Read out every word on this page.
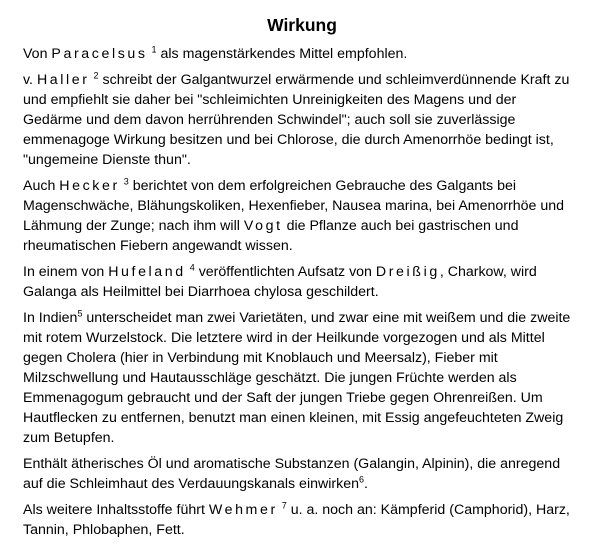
Wirkung

Von Paracelsus $^1$ als magenstärkendes Mittel empfohlen.

v. Haller $^2$ schreibt der Galgantwurzel erwärmende und schleimverdünnende Kraft zu und empfiehlt sie daher bei "schleimichten Unreinigkeiten des Magens und der Gedärme und dem davon herrührenden Schwindel"; auch soll sie zuverlässige emmenagoge Wirkung besitzen und bei Chlorose, die durch Amenorrhöe bedingt ist, "ungemeine Dienste thun".

Auch Hecker $^3$ berichtet von dem erfolgreichen Gebrauche des Galgants bei Magenschwäche, Blähungskoliken, Hexenfieber, Nausea marina, bei Amenorrhöe und Lähmung der Zunge; nach ihm will Vogt die Pflanze auch bei gastrischen und rheumatischen Fiebern angewandt wissen.

In einem von Hufeland $^4$ veröffentlichten Aufsatz von Dreißig, Charkow, wird Galanga als Heilmittel bei Diarrhoea chylosa geschildert.

In Indien$^5$ unterscheidet man zwei Varietäten, und zwar eine mit weißem und die zweite mit rotem Wurzelstock. Die letztere wird in der Heilkunde vorgezogen und als Mittel gegen Cholera (hier in Verbindung mit Knoblauch und Meersalz), Fieber mit Milzschwellung und Hautausschläge geschätzt. Die jungen Früchte werden als Emmenagogum gebraucht und der Saft der jungen Triebe gegen Ohrenreißen. Um Hautflecken zu entfernen, benutzt man einen kleinen, mit Essig angefeuchteten Zweig zum Betupfen.

Enthält ätherisches Öl und aromatische Substanzen (Galangin, Alpinin), die anregend auf die Schleimhaut des Verdauungskanals einwirken$^6$.

Als weitere Inhaltsstoffe führt Wehmer $^7$ u. a. noch an: Kämpferid (Camphorid), Harz, Tannin, Phlobaphen, Fett.
